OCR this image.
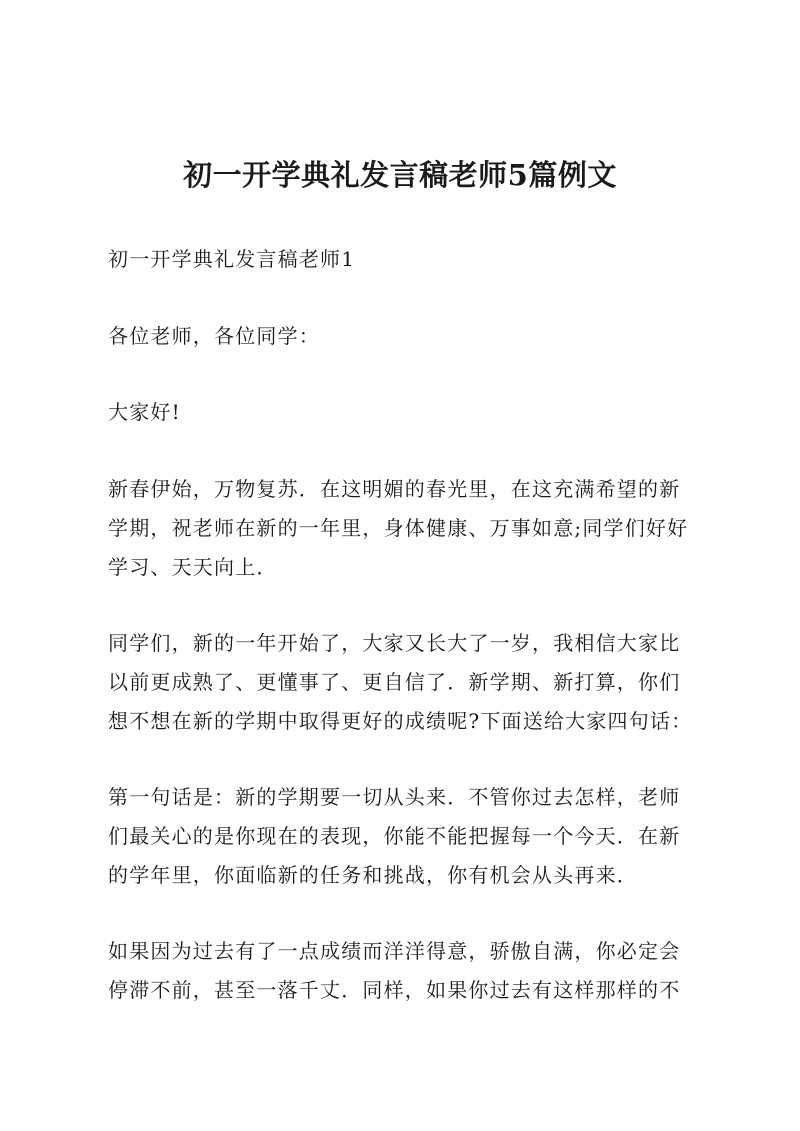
初一开学典礼发言稿老师5篇例文

初一开学典礼发言稿老师1

各位老师，各位同学：

大家好!

新春伊始，万物复苏．在这明媚的春光里，在这充满希望的新
学期，祝老师在新的一年里，身体健康、万事如意;同学们好好
学习、天天向上．

同学们，新的一年开始了，大家又长大了一岁，我相信大家比
以前更成熟了、更懂事了、更自信了．新学期、新打算，你们
想不想在新的学期中取得更好的成绩呢?下面送给大家四句话：

第一句话是：新的学期要一切从头来．不管你过去怎样，老师
们最关心的是你现在的表现，你能不能把握每一个今天．在新
的学年里，你面临新的任务和挑战，你有机会从头再来．

如果因为过去有了一点成绩而洋洋得意，骄傲自满，你必定会
停滞不前，甚至一落千丈．同样，如果你过去有这样那样的不
